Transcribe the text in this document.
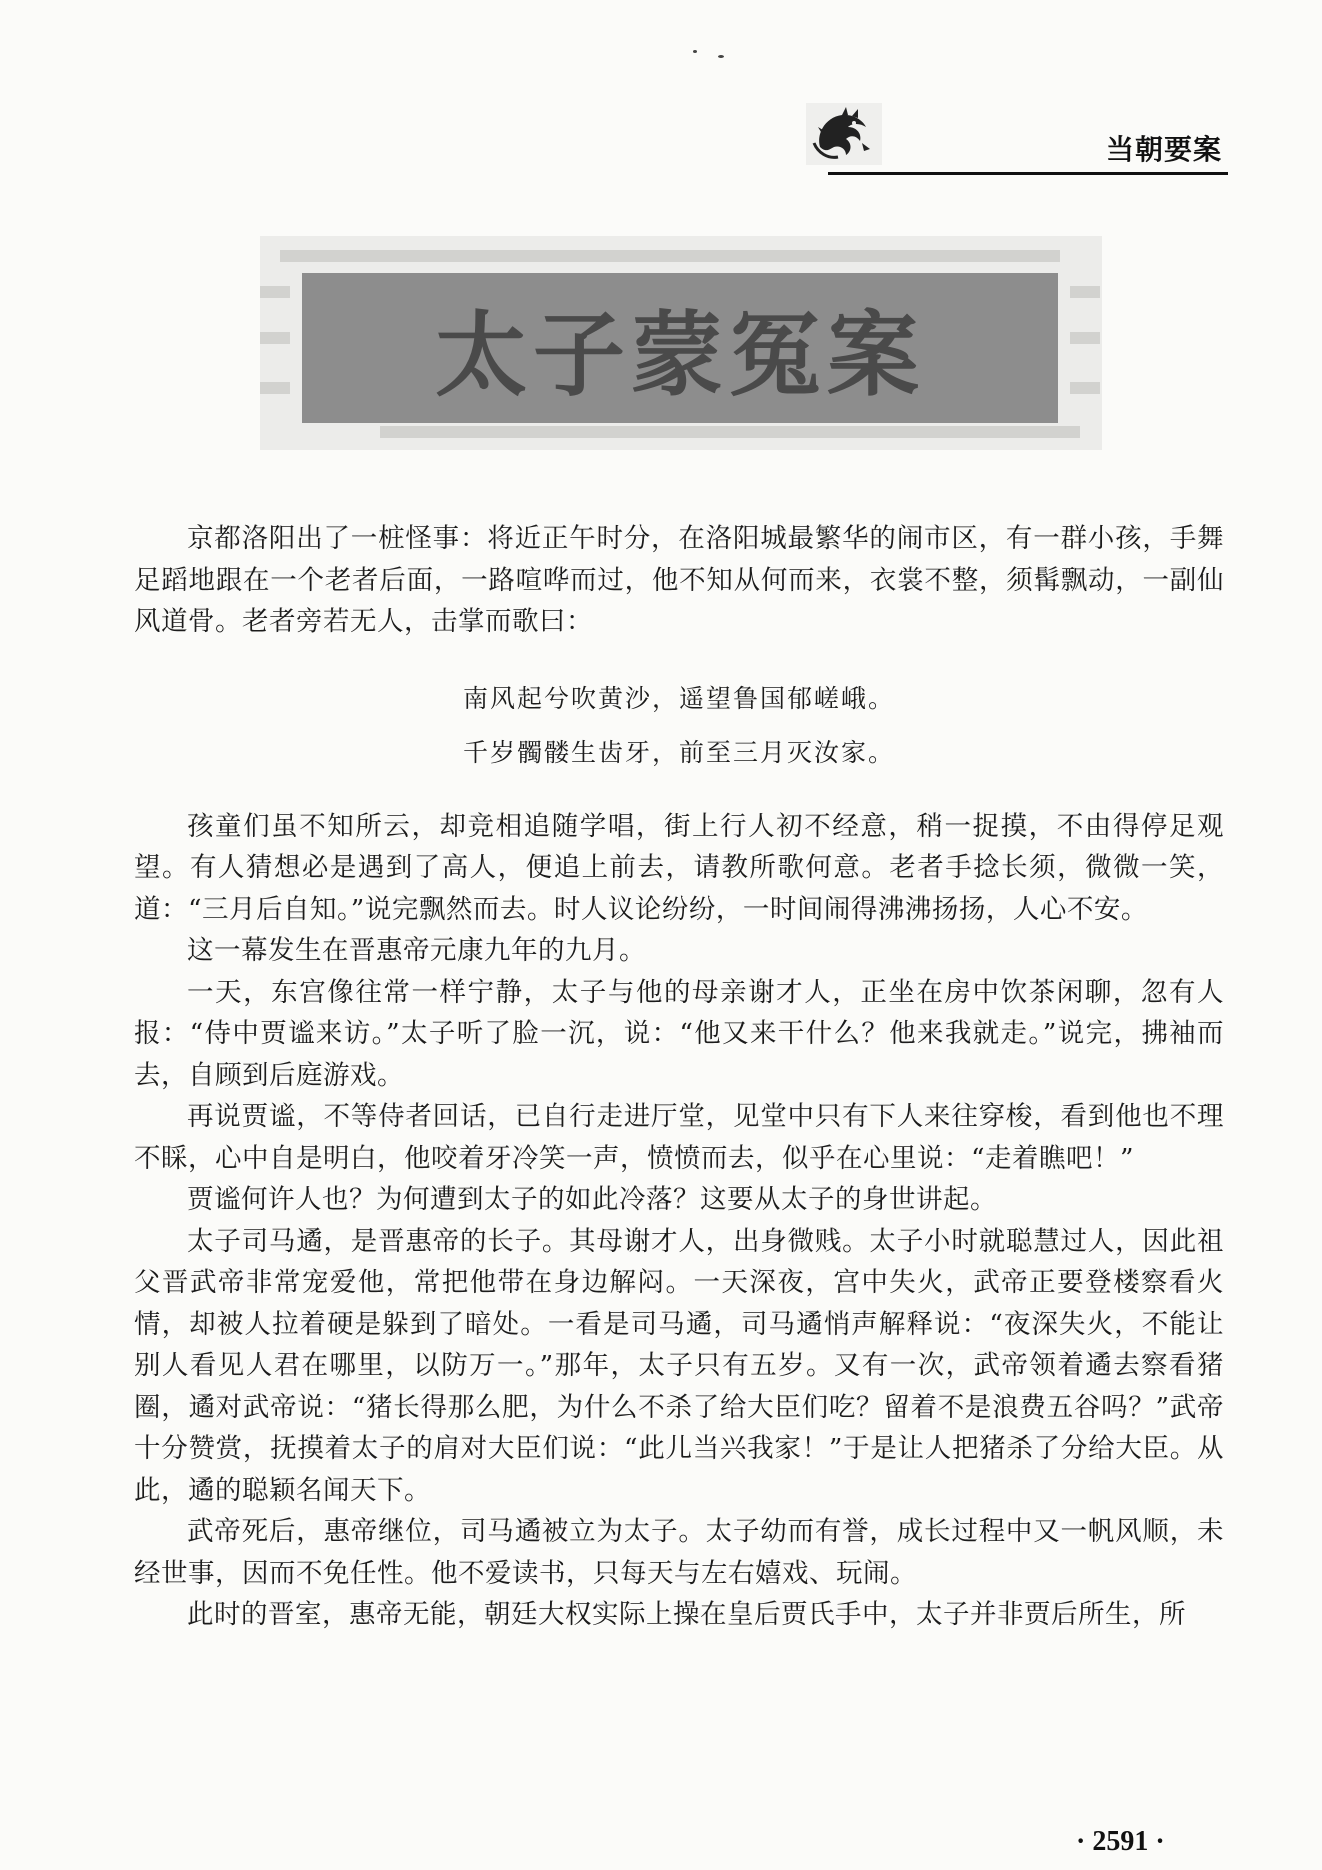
当朝要案
太子蒙冤案

京都洛阳出了一桩怪事：将近正午时分，在洛阳城最繁华的闹市区，有一群小孩，手舞足蹈地跟在一个老者后面，一路喧哗而过，他不知从何而来，衣裳不整，须髯飘动，一副仙风道骨。老者旁若无人，击掌而歌曰：

南风起兮吹黄沙，遥望鲁国郁嵯峨。
千岁髑髅生齿牙，前至三月灭汝家。

孩童们虽不知所云，却竞相追随学唱，街上行人初不经意，稍一捉摸，不由得停足观望。有人猜想必是遇到了高人，便追上前去，请教所歌何意。老者手捻长须，微微一笑，道：“三月后自知。”说完飘然而去。时人议论纷纷，一时间闹得沸沸扬扬，人心不安。

这一幕发生在晋惠帝元康九年的九月。

一天，东宫像往常一样宁静，太子与他的母亲谢才人，正坐在房中饮茶闲聊，忽有人报：“侍中贾谧来访。”太子听了脸一沉，说：“他又来干什么？他来我就走。”说完，拂袖而去，自顾到后庭游戏。

再说贾谧，不等侍者回话，已自行走进厅堂，见堂中只有下人来往穿梭，看到他也不理不睬，心中自是明白，他咬着牙冷笑一声，愤愤而去，似乎在心里说：“走着瞧吧！”

贾谧何许人也？为何遭到太子的如此冷落？这要从太子的身世讲起。

太子司马遹，是晋惠帝的长子。其母谢才人，出身微贱。太子小时就聪慧过人，因此祖父晋武帝非常宠爱他，常把他带在身边解闷。一天深夜，宫中失火，武帝正要登楼察看火情，却被人拉着硬是躲到了暗处。一看是司马遹，司马遹悄声解释说：“夜深失火，不能让别人看见人君在哪里，以防万一。”那年，太子只有五岁。又有一次，武帝领着遹去察看猪圈，遹对武帝说：“猪长得那么肥，为什么不杀了给大臣们吃？留着不是浪费五谷吗？”武帝十分赞赏，抚摸着太子的肩对大臣们说：“此儿当兴我家！”于是让人把猪杀了分给大臣。从此，遹的聪颖名闻天下。

武帝死后，惠帝继位，司马遹被立为太子。太子幼而有誉，成长过程中又一帆风顺，未经世事，因而不免任性。他不爱读书，只每天与左右嬉戏、玩闹。

此时的晋室，惠帝无能，朝廷大权实际上操在皇后贾氏手中，太子并非贾后所生，所

· 2591 ·
